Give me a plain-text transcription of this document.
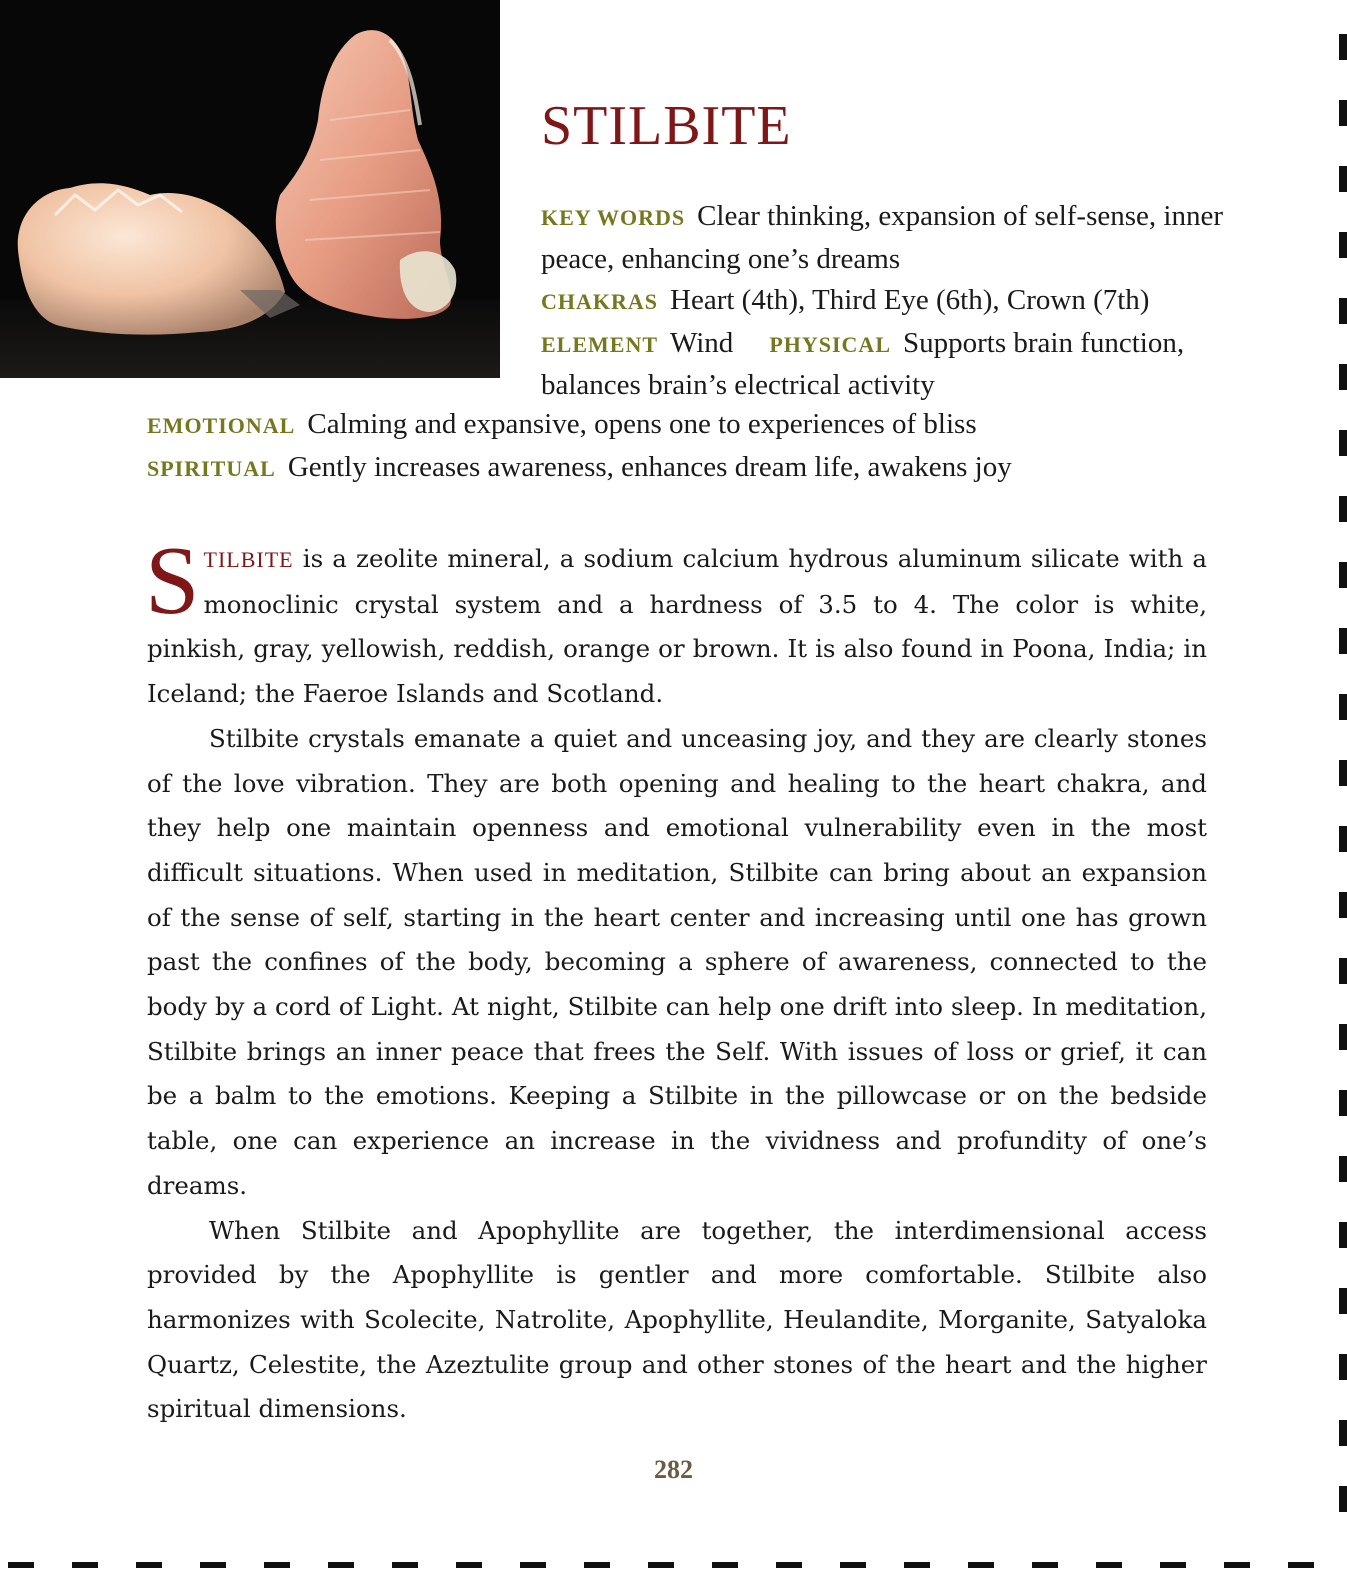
STILBITE
KEY WORDS Clear thinking, expansion of self-sense, inner peace, enhancing one’s dreams
CHAKRAS Heart (4th), Third Eye (6th), Crown (7th)
ELEMENT Wind PHYSICAL Supports brain function, balances brain’s electrical activity
EMOTIONAL Calming and expansive, opens one to experiences of bliss
SPIRITUAL Gently increases awareness, enhances dream life, awakens joy

STILBITE is a zeolite mineral, a sodium calcium hydrous aluminum silicate with a monoclinic crystal system and a hardness of 3.5 to 4. The color is white, pinkish, gray, yellowish, reddish, orange or brown. It is also found in Poona, India; in Iceland; the Faeroe Islands and Scotland.

Stilbite crystals emanate a quiet and unceasing joy, and they are clearly stones of the love vibration. They are both opening and healing to the heart chakra, and they help one maintain openness and emotional vulnerability even in the most difficult situations. When used in meditation, Stilbite can bring about an expansion of the sense of self, starting in the heart center and increasing until one has grown past the confines of the body, becoming a sphere of awareness, connected to the body by a cord of Light. At night, Stilbite can help one drift into sleep. In meditation, Stilbite brings an inner peace that frees the Self. With issues of loss or grief, it can be a balm to the emotions. Keeping a Stilbite in the pillowcase or on the bedside table, one can experience an increase in the vividness and profundity of one’s dreams.

When Stilbite and Apophyllite are together, the interdimensional access provided by the Apophyllite is gentler and more comfortable. Stilbite also harmonizes with Scolecite, Natrolite, Apophyllite, Heulandite, Morganite, Satyaloka Quartz, Celestite, the Azeztulite group and other stones of the heart and the higher spiritual dimensions.

282
